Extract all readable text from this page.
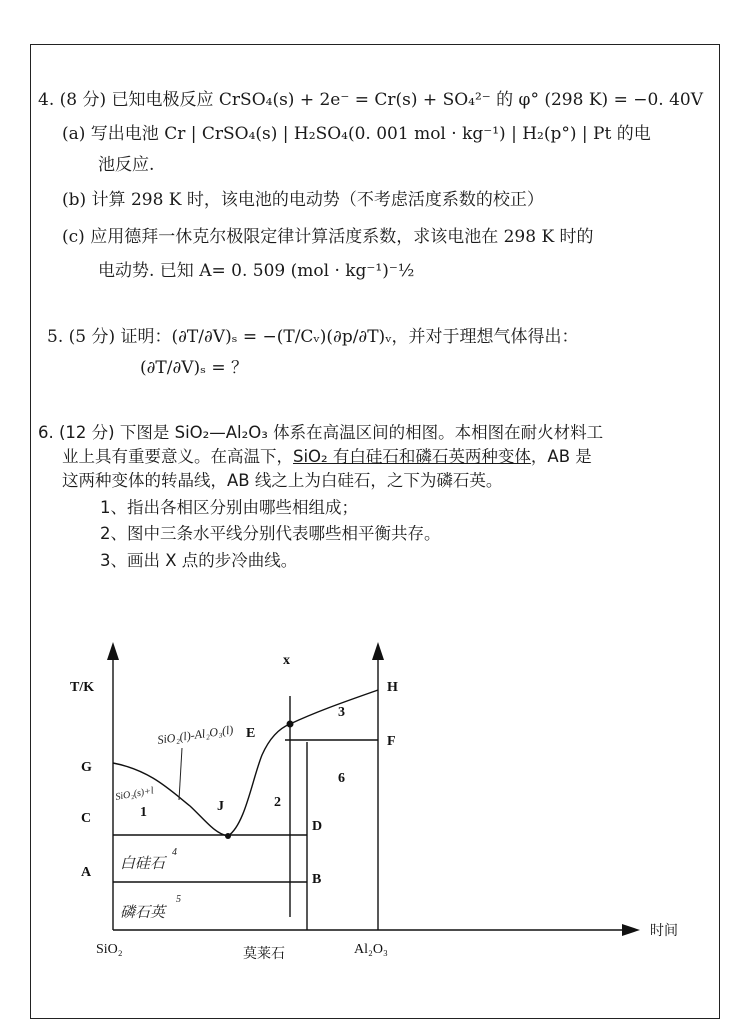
4. (8 分) 已知电极反应 CrSO₄(s) + 2e⁻ = Cr(s) + SO₄²⁻ 的 φ° (298 K) = −0. 40V
(a) 写出电池 Cr | CrSO₄(s) | H₂SO₄(0. 001 mol · kg⁻¹) | H₂(p°) | Pt 的电
池反应.
(b) 计算 298 K 时，该电池的电动势（不考虑活度系数的校正）
(c) 应用德拜一休克尔极限定律计算活度系数，求该电池在 298 K 时的
电动势. 已知 A= 0. 509 (mol · kg⁻¹)⁻½
5. (5 分) 证明：(∂T/∂V)ₛ = −(T/Cᵥ)(∂p/∂T)ᵥ，并对于理想气体得出：
(∂T/∂V)ₛ = ？
6. (12 分) 下图是 SiO₂—Al₂O₃ 体系在高温区间的相图。本相图在耐火材料工
业上具有重要意义。在高温下，SiO₂ 有白硅石和磷石英两种变体，AB 是
这两种变体的转晶线，AB 线之上为白硅石，之下为磷石英。
1、指出各相区分别由哪些相组成；
2、图中三条水平线分别代表哪些相平衡共存。
3、画出 X 点的步冷曲线。
T/K
x
G
C
A
E
J
D
B
H
F
1
2
3
6
SiO₂	莫莱石	Al₂O₃
时间
SiO₂(l)-Al₂O₃(l)
SiO₂(s)+l
白硅石
4
磷石英
5
